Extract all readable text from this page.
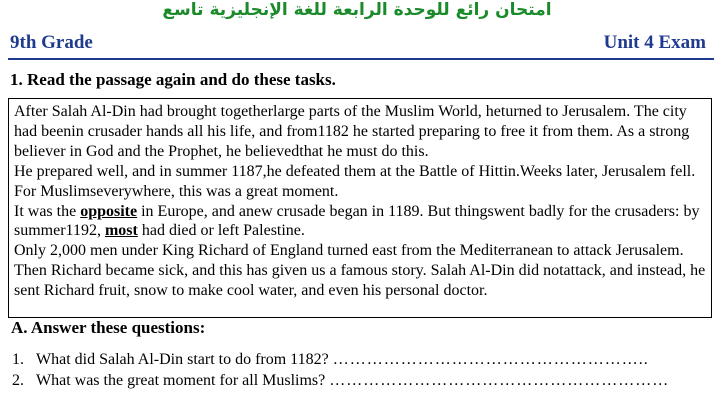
امتحان رائع للوحدة الرابعة للغة الإنجليزية تاسع
9th Grade	Unit 4 Exam
1. Read the passage again and do these tasks.

After Salah Al-Din had brought togetherlarge parts of the Muslim World, heturned to Jerusalem. The city had beenin crusader hands all his life, and from1182 he started preparing to free it from them. As a strong believer in God and the Prophet, he believedthat he must do this.

He prepared well, and in summer 1187,he defeated them at the Battle of Hittin.Weeks later, Jerusalem fell. For Muslimseverywhere, this was a great moment.

It was the opposite in Europe, and anew crusade began in 1189. But thingswent badly for the crusaders: by summer1192, most had died or left Palestine.

Only 2,000 men under King Richard of England turned east from the Mediterranean to attack Jerusalem. Then Richard became sick, and this has given us a famous story. Salah Al-Din did notattack, and instead, he sent Richard fruit, snow to make cool water, and even his personal doctor.

A. Answer these questions:
1. What did Salah Al-Din start to do from 1182? ………………………………………………..
2. What was the great moment for all Muslims? ……………………………………………………
